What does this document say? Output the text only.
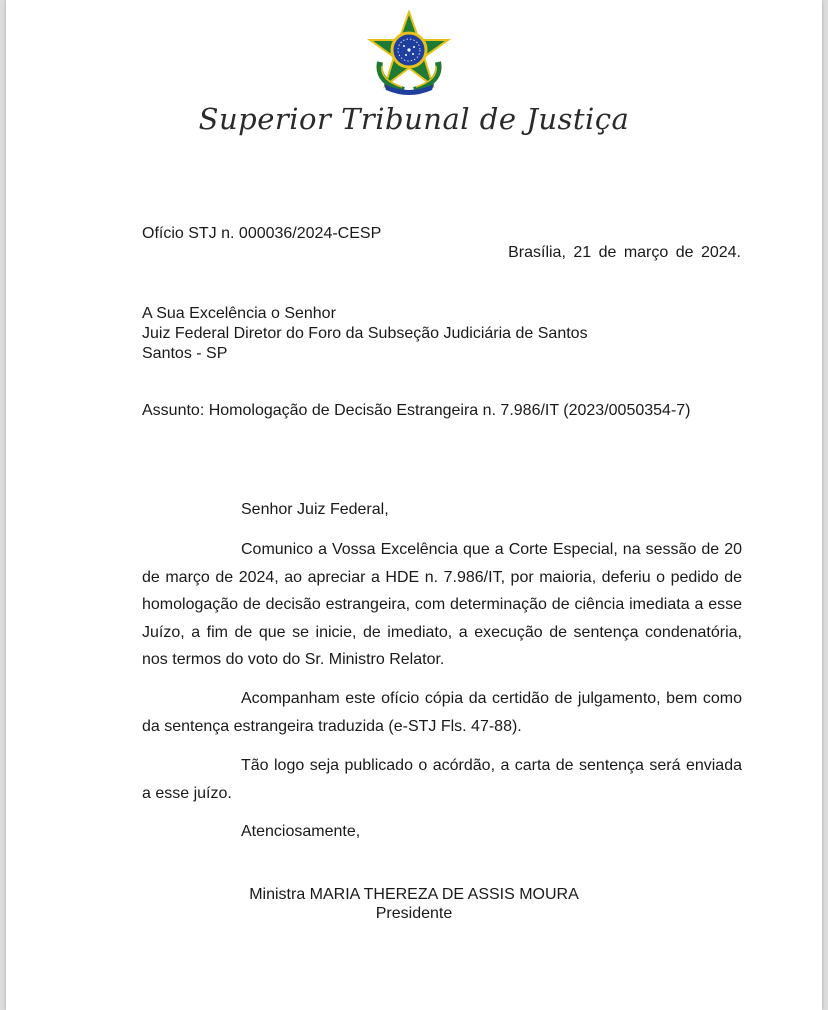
Superior Tribunal de Justiça
Ofício STJ n. 000036/2024-CESP
Brasília, 21 de março de 2024.
A Sua Excelência o Senhor
Juiz Federal Diretor do Foro da Subseção Judiciária de Santos
Santos - SP
Assunto: Homologação de Decisão Estrangeira n. 7.986/IT (2023/0050354-7)
Senhor Juiz Federal,

Comunico a Vossa Excelência que a Corte Especial, na sessão de 20 de março de 2024, ao apreciar a HDE n. 7.986/IT, por maioria, deferiu o pedido de homologação de decisão estrangeira, com determinação de ciência imediata a esse Juízo, a fim de que se inicie, de imediato, a execução de sentença condenatória, nos termos do voto do Sr. Ministro Relator.

Acompanham este ofício cópia da certidão de julgamento, bem como da sentença estrangeira traduzida (e-STJ Fls. 47-88).

Tão logo seja publicado o acórdão, a carta de sentença será enviada a esse juízo.

Atenciosamente,
Ministra MARIA THEREZA DE ASSIS MOURA
Presidente
